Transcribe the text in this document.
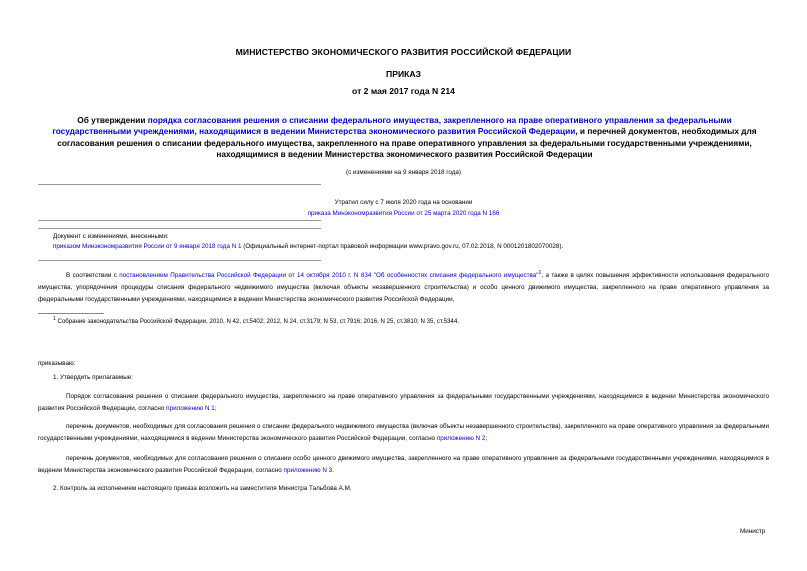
МИНИСТЕРСТВО ЭКОНОМИЧЕСКОГО РАЗВИТИЯ РОССИЙСКОЙ ФЕДЕРАЦИИ
ПРИКАЗ
от 2 мая 2017 года N 214
Об утверждении порядка согласования решения о списании федерального имущества, закрепленного на праве оперативного управления за федеральными государственными учреждениями, находящимися в ведении Министерства экономического развития Российской Федерации, и перечней документов, необходимых для согласования решения о списании федерального имущества, закрепленного на праве оперативного управления за федеральными государственными учреждениями, находящимися в ведении Министерства экономического развития Российской Федерации
(с изменениями на 9 января 2018 года)
Утратил силу с 7 июля 2020 года на основании
приказа Минэкономразвития России от 25 марта 2020 года N 166
Документ с изменениями, внесенными:
приказом Минэкономразвития России от 9 января 2018 года N 1 (Официальный интернет-портал правовой информации www.pravo.gov.ru, 07.02.2018, N 0001201802070028).
В соответствии с постановлением Правительства Российской Федерации от 14 октября 2010 г. N 834 "Об особенностях списания федерального имущества"$^1$, а также в целях повышения эффективности использования федерального имущества, упорядочения процедуры списания федерального недвижимого имущества (включая объекты незавершенного строительства) и особо ценного движимого имущества, закрепленного на праве оперативного управления за федеральными государственными учреждениями, находящимися в ведении Министерства экономического развития Российской Федерации,
$^1$ Собрание законодательства Российской Федерации, 2010, N 42, ст.5402; 2012, N 24, ст.3179; N 53, ст.7916; 2016, N 25, ст.3810; N 35, ст.5344.
приказываю:
1. Утвердить прилагаемые:
Порядок согласования решения о списании федерального имущества, закрепленного на праве оперативного управления за федеральными государственными учреждениями, находящимися в ведении Министерства экономического развития Российской Федерации, согласно приложению N 1;
перечень документов, необходимых для согласования решения о списании федерального недвижимого имущества (включая объекты незавершенного строительства), закрепленного на праве оперативного управления за федеральными государственными учреждениями, находящимися в ведении Министерства экономического развития Российской Федерации, согласно приложению N 2;
перечень документов, необходимых для согласования решения о списании особо ценного движимого имущества, закрепленного на праве оперативного управления за федеральными государственными учреждениями, находящимися в ведении Министерства экономического развития Российской Федерации, согласно приложению N 3.
2. Контроль за исполнением настоящего приказа возложить на заместителя Министра Тальбова А.М.
Министр
